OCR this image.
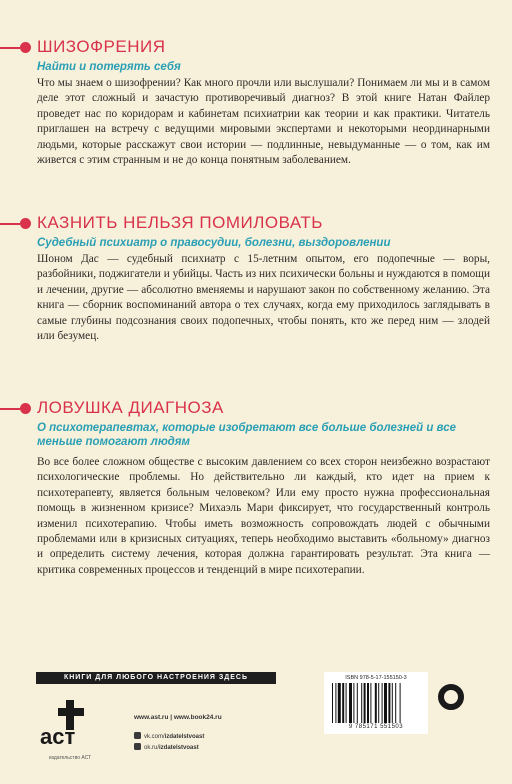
ШИЗОФРЕНИЯ
Найти и потерять себя

Что мы знаем о шизофрении? Как много прочли или выслушали? Понимаем ли мы и в самом деле этот сложный и зачастую противоречивый диагноз? В этой книге Натан Файлер проведет нас по коридорам и кабинетам психиатрии как теории и как практики. Читатель приглашен на встречу с ведущими мировыми экспертами и некоторыми неординарными людьми, которые расскажут свои истории — подлинные, невыдуманные — о том, как им живется с этим странным и не до конца понятным заболеванием.

КАЗНИТЬ НЕЛЬЗЯ ПОМИЛОВАТЬ
Судебный психиатр о правосудии, болезни, выздоровлении

Шоном Дас — судебный психиатр с 15-летним опытом, его подопечные — воры, разбойники, поджигатели и убийцы. Часть из них психически больны и нуждаются в помощи и лечении, другие — абсолютно вменяемы и нарушают закон по собственному желанию. Эта книга — сборник воспоминаний автора о тех случаях, когда ему приходилось заглядывать в самые глубины подсознания своих подопечных, чтобы понять, кто же перед ним — злодей или безумец.

ЛОВУШКА ДИАГНОЗА
О психотерапевтах, которые изобретают все больше болезней и все меньше помогают людям

Во все более сложном обществе с высоким давлением со всех сторон неизбежно возрастают психологические проблемы. Но действительно ли каждый, кто идет на прием к психотерапевту, является больным человеком? Или ему просто нужна профессиональная помощь в жизненном кризисе? Михаэль Мари фиксирует, что государственный контроль изменил психотерапию. Чтобы иметь возможность сопровождать людей с обычными проблемами или в кризисных ситуациях, теперь необходимо выставить «больному» диагноз и определить систему лечения, которая должна гарантировать результат. Эта книга — критика современных процессов и тенденций в мире психотерапии.

КНИГИ ДЛЯ ЛЮБОГО НАСТРОЕНИЯ ЗДЕСЬ
аст
издательство АСТ
www.ast.ru | www.book24.ru
vk.com/izdatelstvoast
ok.ru/izdatelstvoast
ISBN 978-5-17-155150-3
9 785171 551503
